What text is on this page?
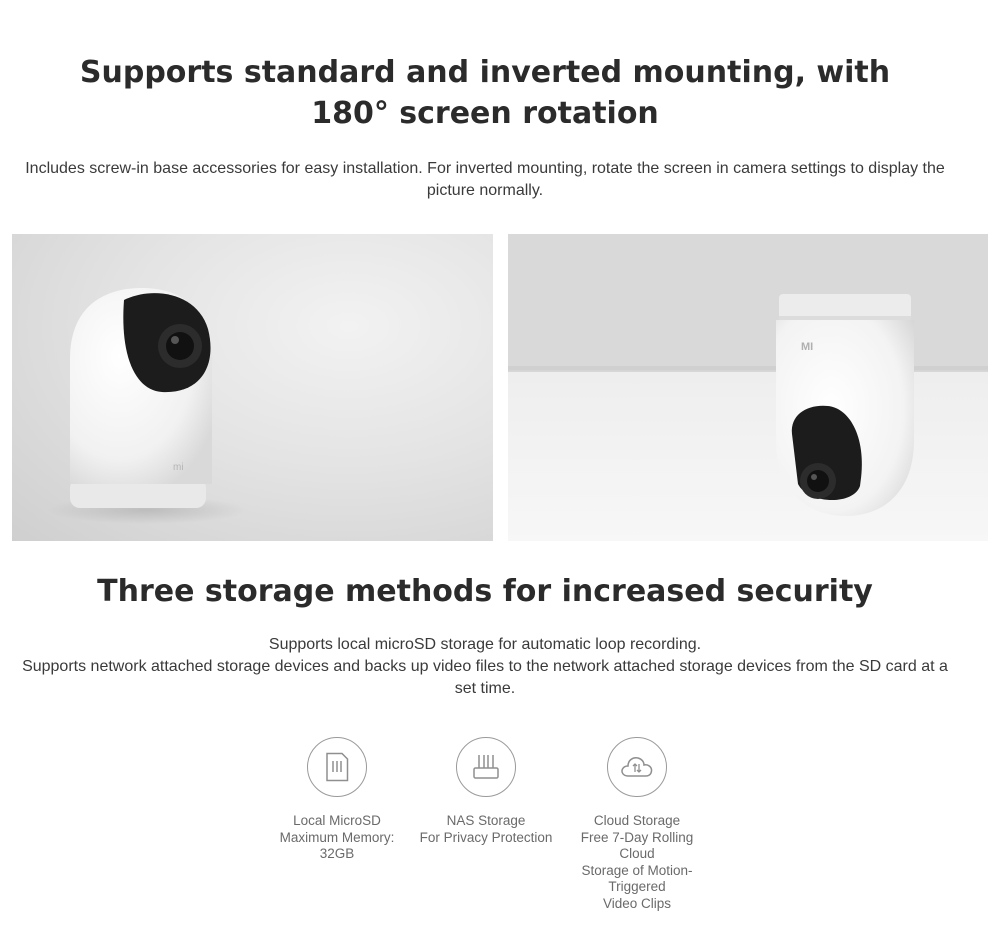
Supports standard and inverted mounting, with 180° screen rotation

Includes screw-in base accessories for easy installation. For inverted mounting, rotate the screen in camera settings to display the picture normally.

mi
MI
Three storage methods for increased security

Supports local microSD storage for automatic loop recording.
Supports network attached storage devices and backs up video files to the network attached storage devices from the SD card at a set time.

Local MicroSD
Maximum Memory:
32GB
NAS Storage
For Privacy Protection
Cloud Storage
Free 7-Day Rolling
Cloud
Storage of Motion-
Triggered
Video Clips
